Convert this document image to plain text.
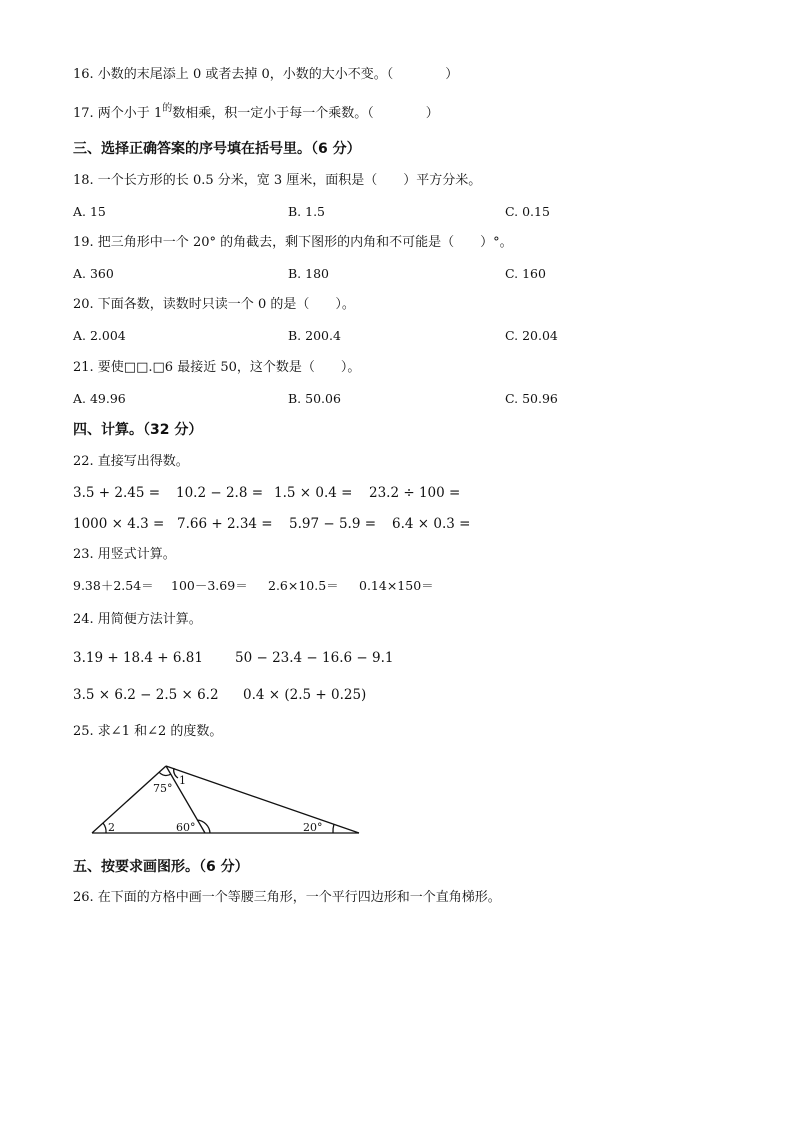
16. 小数的末尾添上 0 或者去掉 0，小数的大小不变。（　　　　）
17. 两个小于 $1^的$数相乘，积一定小于每一个乘数。（　　　　）
三、选择正确答案的序号填在括号里。（6 分）
18. 一个长方形的长 0.5 分米，宽 3 厘米，面积是（　　）平方分米。
A. 15	B. 1.5	C. 0.15
19. 把三角形中一个 20° 的角截去，剩下图形的内角和不可能是（　　）°。
A. 360	B. 180	C. 160
20. 下面各数，读数时只读一个 0 的是（　　）。
A. 2.004	B. 200.4	C. 20.04
21. 要使□□.□6 最接近 50，这个数是（　　）。
A. 49.96	B. 50.06	C. 50.96
四、计算。（32 分）
22. 直接写出得数。
3.5 + 2.45 = 10.2 − 2.8 = 1.5 × 0.4 = 23.2 ÷ 100 =
1000 × 4.3 = 7.66 + 2.34 = 5.97 − 5.9 = 6.4 × 0.3 =
23. 用竖式计算。
9.38＋2.54＝ 100－3.69＝ 2.6×10.5＝ 0.14×150＝
24. 用简便方法计算。
3.19 + 18.4 + 6.81 50 − 23.4 − 16.6 − 9.1
3.5 × 6.2 − 2.5 × 6.2 0.4 × (2.5 + 0.25)
25. 求∠1 和∠2 的度数。
75°
1
2	60°	20°
五、按要求画图形。（6 分）
26. 在下面的方格中画一个等腰三角形，一个平行四边形和一个直角梯形。
